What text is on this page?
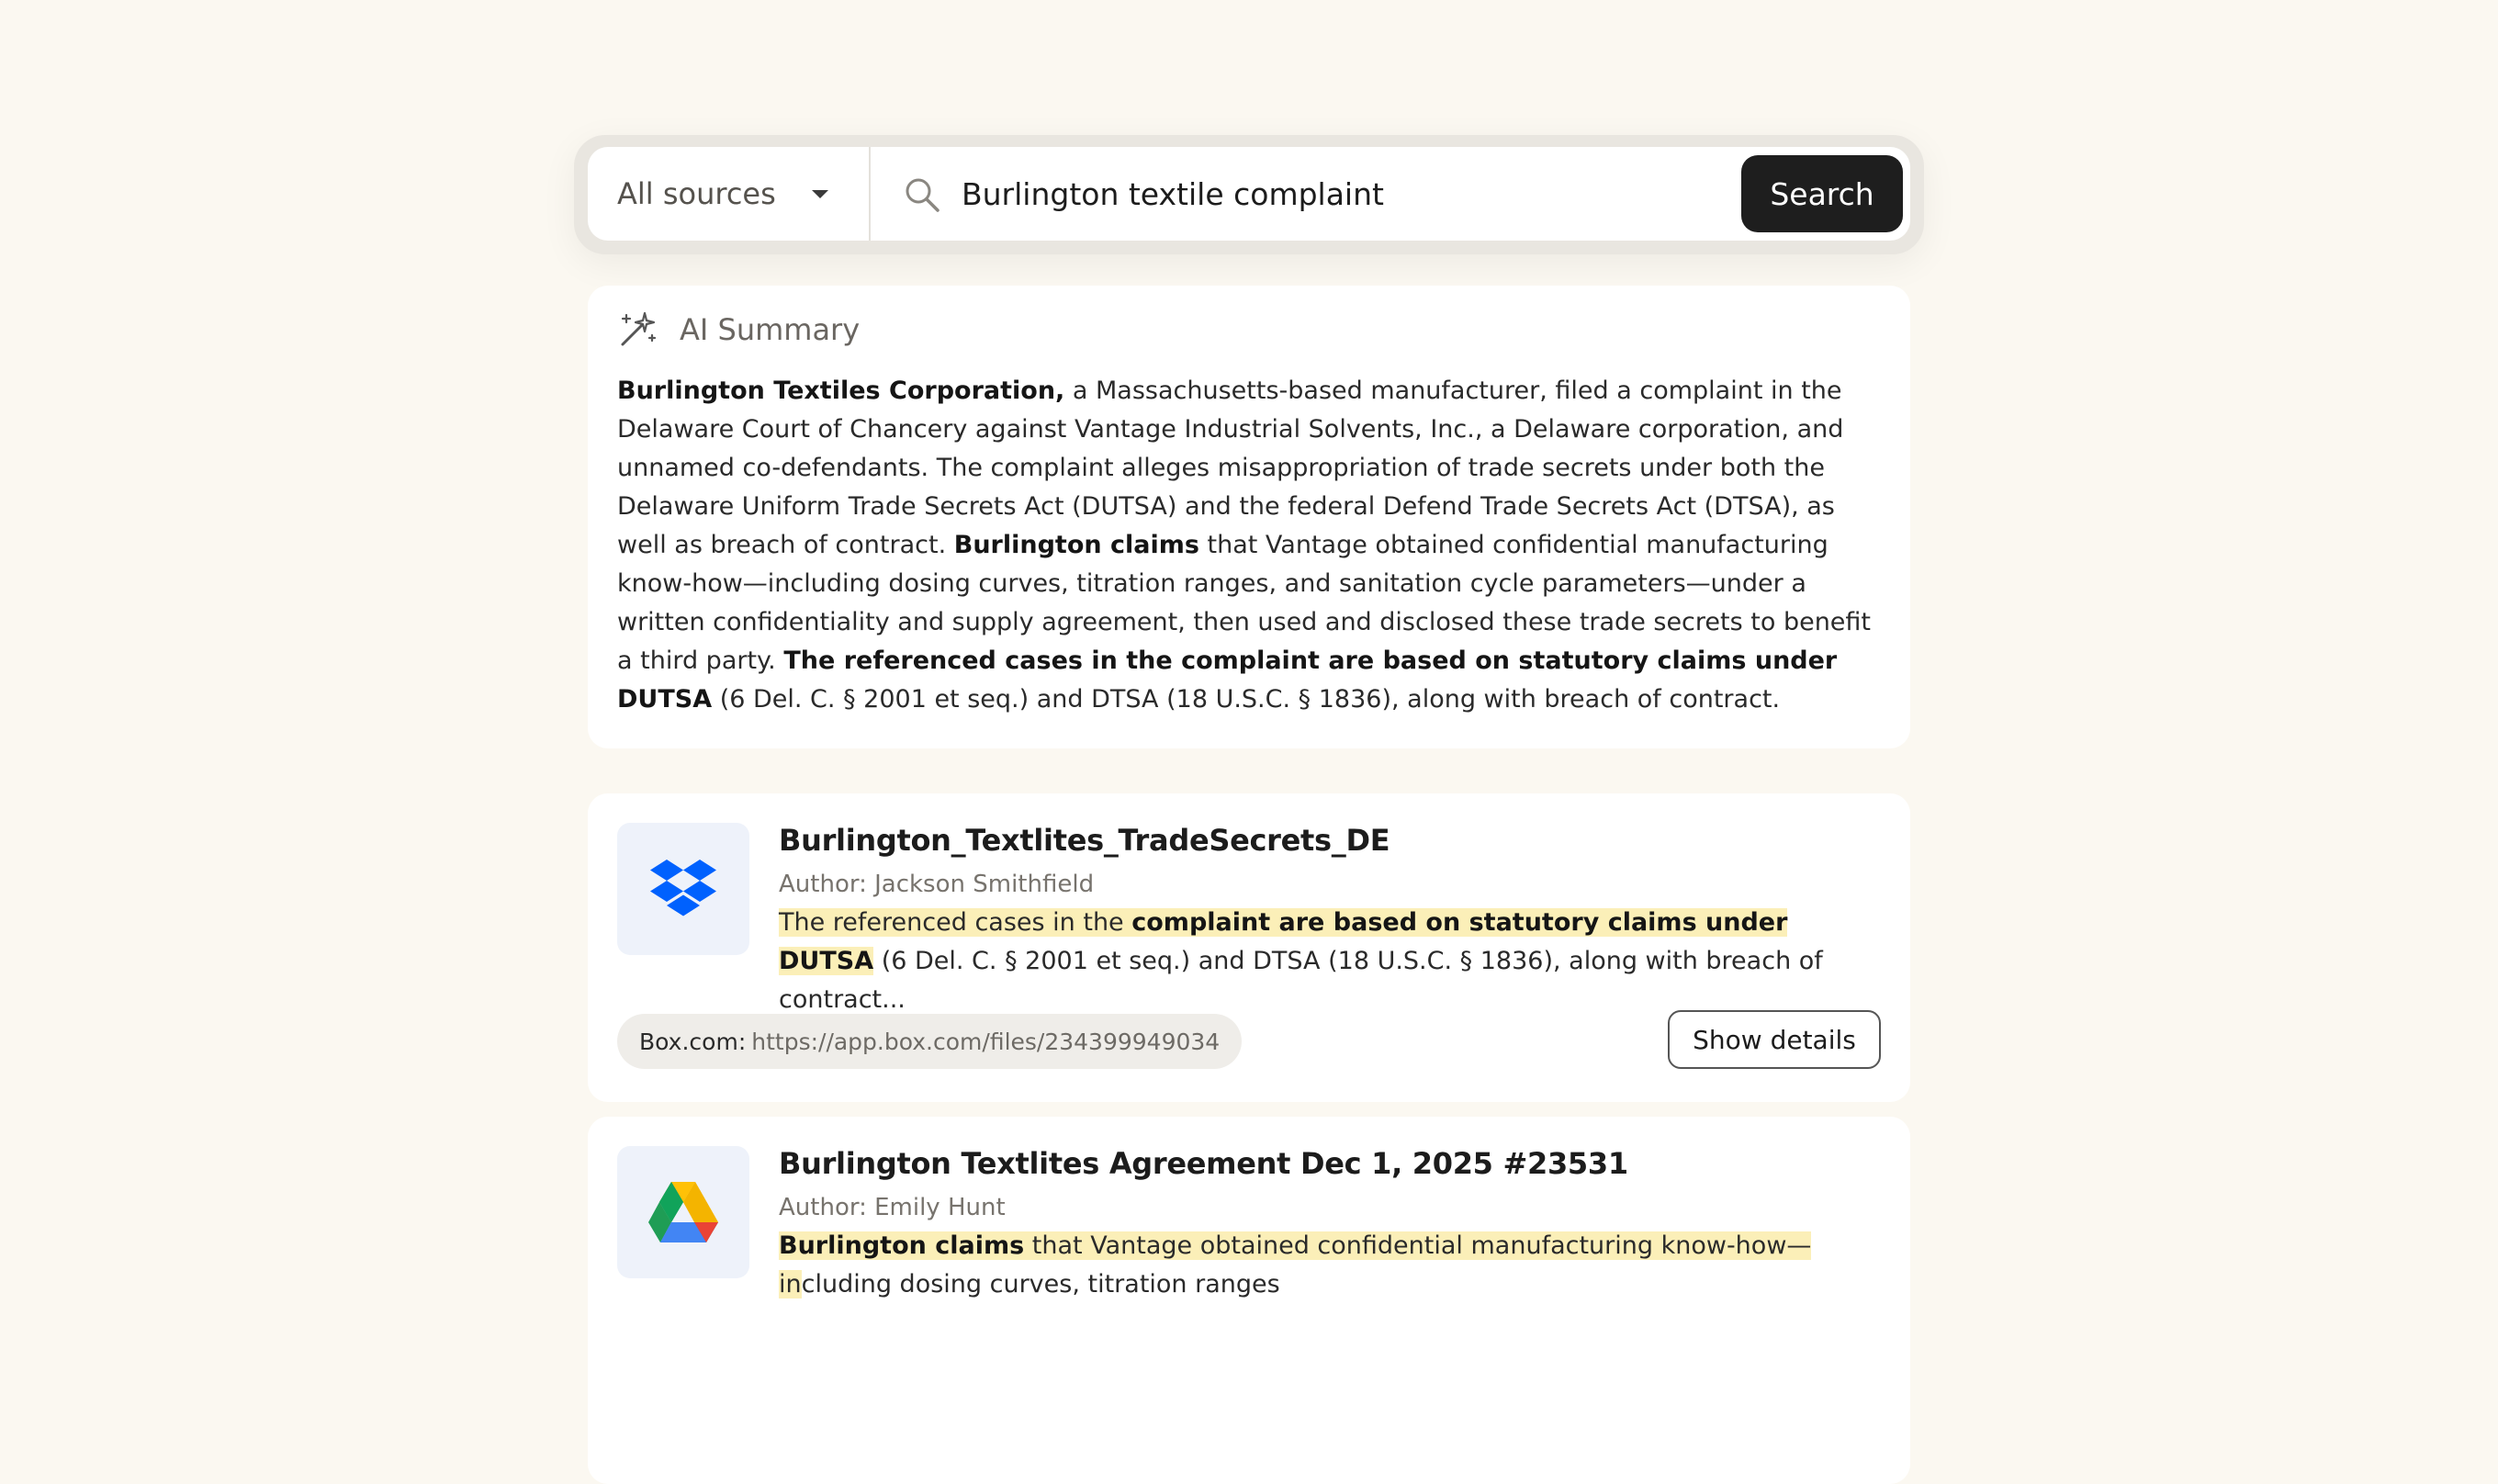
All sources
Burlington textile complaint	Search
AI Summary
Burlington Textiles Corporation, a Massachusetts-based manufacturer, filed a complaint in the Delaware Court of Chancery against Vantage Industrial Solvents, Inc., a Delaware corporation, and unnamed co-defendants. The complaint alleges misappropriation of trade secrets under both the Delaware Uniform Trade Secrets Act (DUTSA) and the federal Defend Trade Secrets Act (DTSA), as well as breach of contract. Burlington claims that Vantage obtained confidential manufacturing know-how—including dosing curves, titration ranges, and sanitation cycle parameters—under a written confidentiality and supply agreement, then used and disclosed these trade secrets to benefit a third party. The referenced cases in the complaint are based on statutory claims under DUTSA (6 Del. C. § 2001 et seq.) and DTSA (18 U.S.C. § 1836), along with breach of contract.
Burlington_Textlites_TradeSecrets_DE
Author: Jackson Smithfield
The referenced cases in the complaint are based on statutory claims under DUTSA (6 Del. C. § 2001 et seq.) and DTSA (18 U.S.C. § 1836), along with breach of contract...
Box.com: https://app.box.com/files/234399949034	Show details
Burlington Textlites Agreement Dec 1, 2025 #23531
Author: Emily Hunt
Burlington claims that Vantage obtained confidential manufacturing know-how—including dosing curves, titration ranges
